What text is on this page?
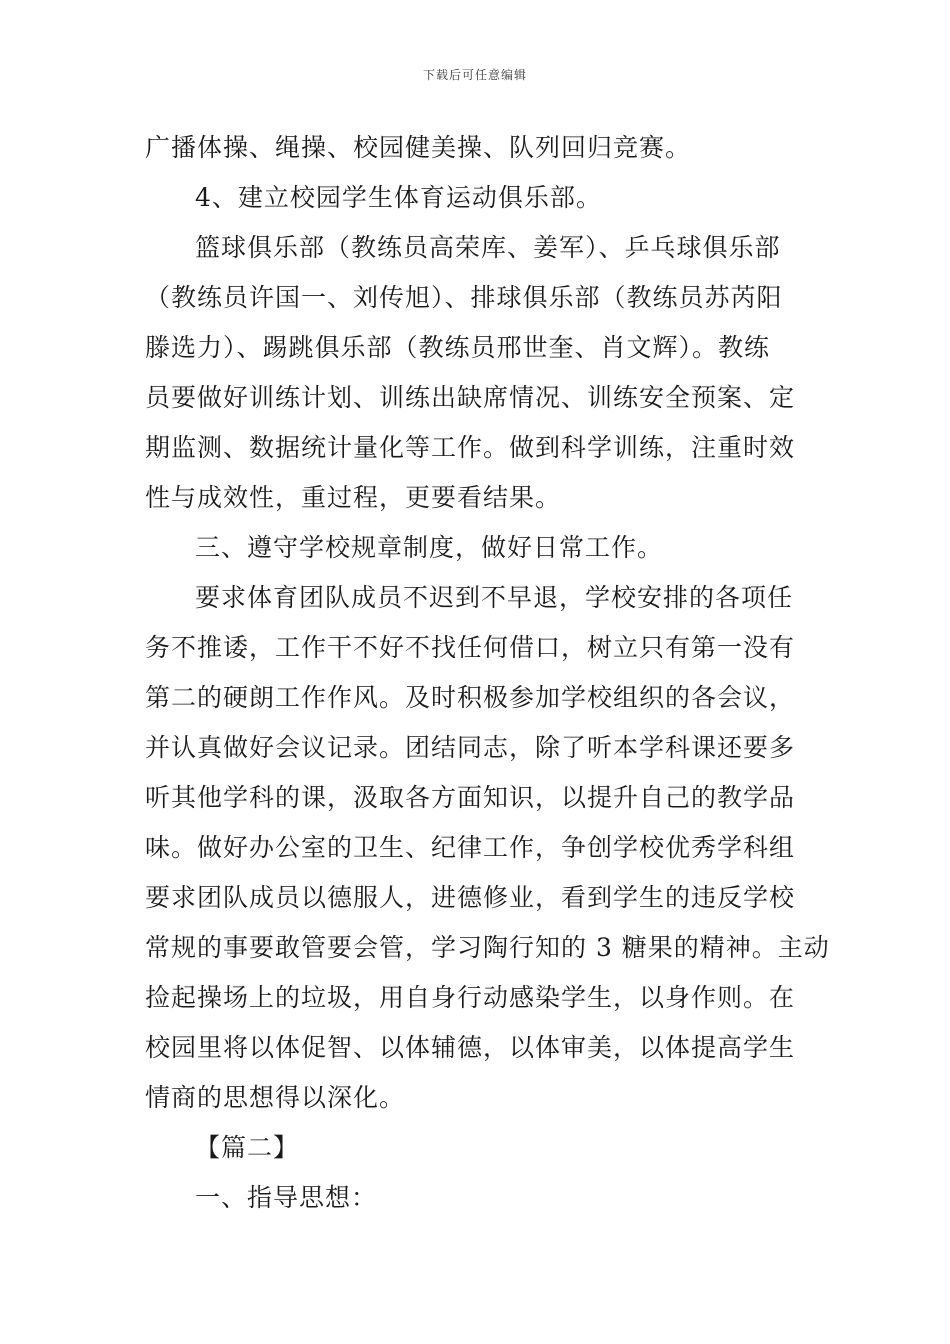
下载后可任意编辑
广播体操、绳操、校园健美操、队列回归竞赛。
4、建立校园学生体育运动俱乐部。
篮球俱乐部（教练员高荣库、姜军）、乒乓球俱乐部
（教练员许国一、刘传旭）、排球俱乐部（教练员苏芮阳
滕选力）、踢跳俱乐部（教练员邢世奎、肖文辉）。教练
员要做好训练计划、训练出缺席情况、训练安全预案、定
期监测、数据统计量化等工作。做到科学训练，注重时效
性与成效性，重过程，更要看结果。
三、遵守学校规章制度，做好日常工作。
要求体育团队成员不迟到不早退，学校安排的各项任
务不推诿，工作干不好不找任何借口，树立只有第一没有
第二的硬朗工作作风。及时积极参加学校组织的各会议，
并认真做好会议记录。团结同志，除了听本学科课还要多
听其他学科的课，汲取各方面知识，以提升自己的教学品
味。做好办公室的卫生、纪律工作，争创学校优秀学科组
要求团队成员以德服人，进德修业，看到学生的违反学校
常规的事要敢管要会管，学习陶行知的 3 糖果的精神。主动
捡起操场上的垃圾，用自身行动感染学生，以身作则。在
校园里将以体促智、以体辅德，以体审美，以体提高学生
情商的思想得以深化。
【篇二】
一、指导思想：
